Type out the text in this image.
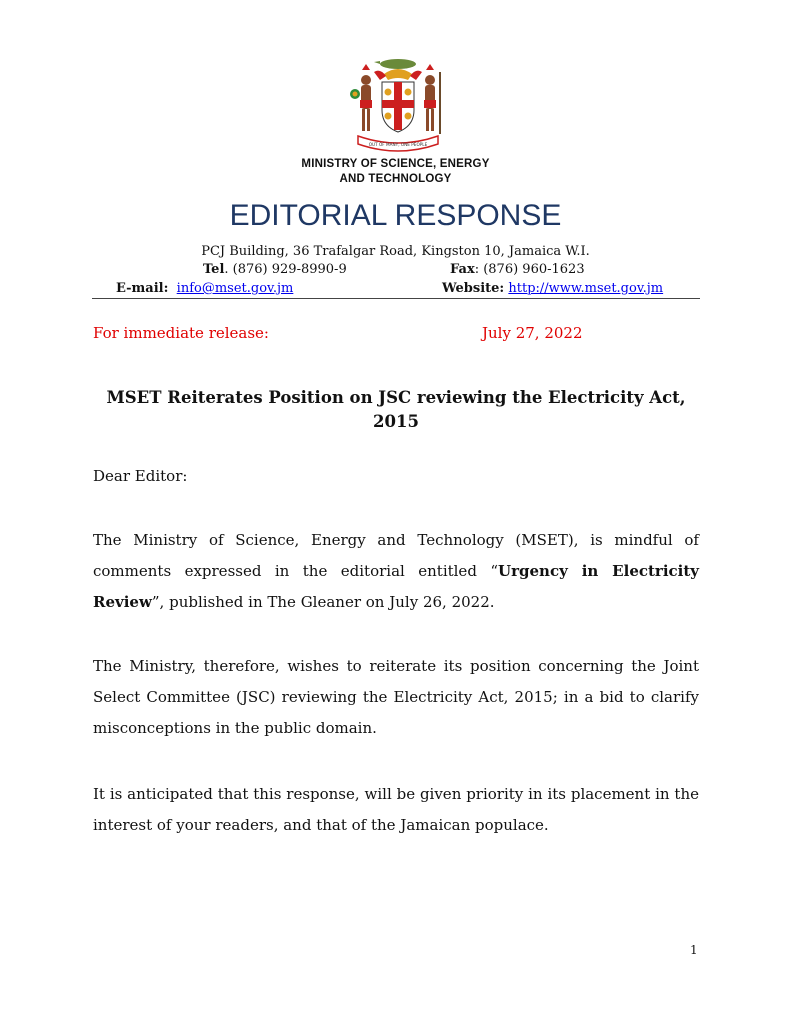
OUT OF MANY, ONE PEOPLE
MINISTRY OF SCIENCE, ENERGY
AND TECHNOLOGY
EDITORIAL RESPONSE
PCJ Building, 36 Trafalgar Road, Kingston 10, Jamaica W.I.
Tel. (876) 929-8990-9	Fax: (876) 960-1623
E-mail: info@mset.gov.jm	Website: http://www.mset.gov.jm
For immediate release:	July 27, 2022
MSET Reiterates Position on JSC reviewing the Electricity Act, 2015
Dear Editor:
The Ministry of Science, Energy and Technology (MSET), is mindful of comments expressed in the editorial entitled “Urgency in Electricity Review”, published in The Gleaner on July 26, 2022.
The Ministry, therefore, wishes to reiterate its position concerning the Joint Select Committee (JSC) reviewing the Electricity Act, 2015; in a bid to clarify misconceptions in the public domain.
It is anticipated that this response, will be given priority in its placement in the interest of your readers, and that of the Jamaican populace.
1
